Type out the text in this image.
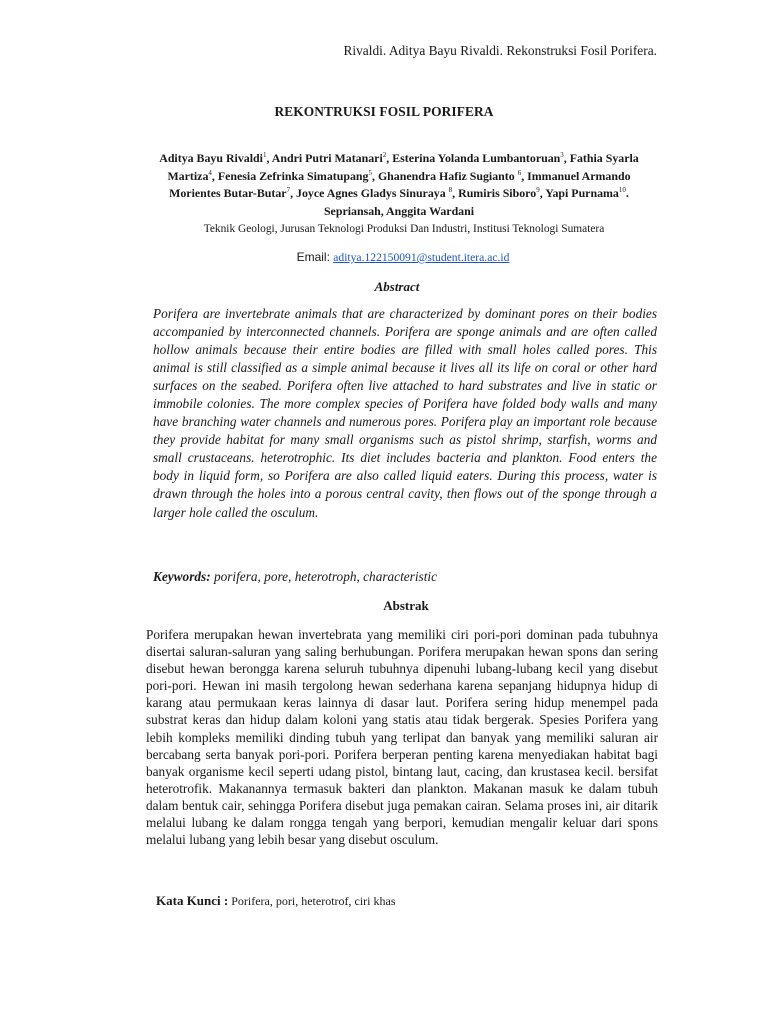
Rivaldi. Aditya Bayu Rivaldi. Rekonstruksi Fosil Porifera.
REKONTRUKSI FOSIL PORIFERA
Aditya Bayu Rivaldi$^1$, Andri Putri Matanari$^2$, Esterina Yolanda Lumbantoruan$^3$, Fathia Syarla Martiza$^4$, Fenesia Zefrinka Simatupang$^5$, Ghanendra Hafiz Sugianto $^6$, Immanuel Armando Morientes Butar-Butar$^7$, Joyce Agnes Gladys Sinuraya $^8$, Rumiris Siboro$^9$, Yapi Purnama$^{10}$. Sepriansah, Anggita Wardani
Teknik Geologi, Jurusan Teknologi Produksi Dan Industri, Institusi Teknologi Sumatera
Email: aditya.122150091@student.itera.ac.id
Abstract
Porifera are invertebrate animals that are characterized by dominant pores on their bodies accompanied by interconnected channels. Porifera are sponge animals and are often called hollow animals because their entire bodies are filled with small holes called pores. This animal is still classified as a simple animal because it lives all its life on coral or other hard surfaces on the seabed. Porifera often live attached to hard substrates and live in static or immobile colonies. The more complex species of Porifera have folded body walls and many have branching water channels and numerous pores. Porifera play an important role because they provide habitat for many small organisms such as pistol shrimp, starfish, worms and small crustaceans. heterotrophic. Its diet includes bacteria and plankton. Food enters the body in liquid form, so Porifera are also called liquid eaters. During this process, water is drawn through the holes into a porous central cavity, then flows out of the sponge through a larger hole called the osculum.
Keywords: porifera, pore, heterotroph, characteristic
Abstrak
Porifera merupakan hewan invertebrata yang memiliki ciri pori-pori dominan pada tubuhnya disertai saluran-saluran yang saling berhubungan. Porifera merupakan hewan spons dan sering disebut hewan berongga karena seluruh tubuhnya dipenuhi lubang-lubang kecil yang disebut pori-pori. Hewan ini masih tergolong hewan sederhana karena sepanjang hidupnya hidup di karang atau permukaan keras lainnya di dasar laut. Porifera sering hidup menempel pada substrat keras dan hidup dalam koloni yang statis atau tidak bergerak. Spesies Porifera yang lebih kompleks memiliki dinding tubuh yang terlipat dan banyak yang memiliki saluran air bercabang serta banyak pori-pori. Porifera berperan penting karena menyediakan habitat bagi banyak organisme kecil seperti udang pistol, bintang laut, cacing, dan krustasea kecil. bersifat heterotrofik. Makanannya termasuk bakteri dan plankton. Makanan masuk ke dalam tubuh dalam bentuk cair, sehingga Porifera disebut juga pemakan cairan. Selama proses ini, air ditarik melalui lubang ke dalam rongga tengah yang berpori, kemudian mengalir keluar dari spons melalui lubang yang lebih besar yang disebut osculum.
Kata Kunci : Porifera, pori, heterotrof, ciri khas
